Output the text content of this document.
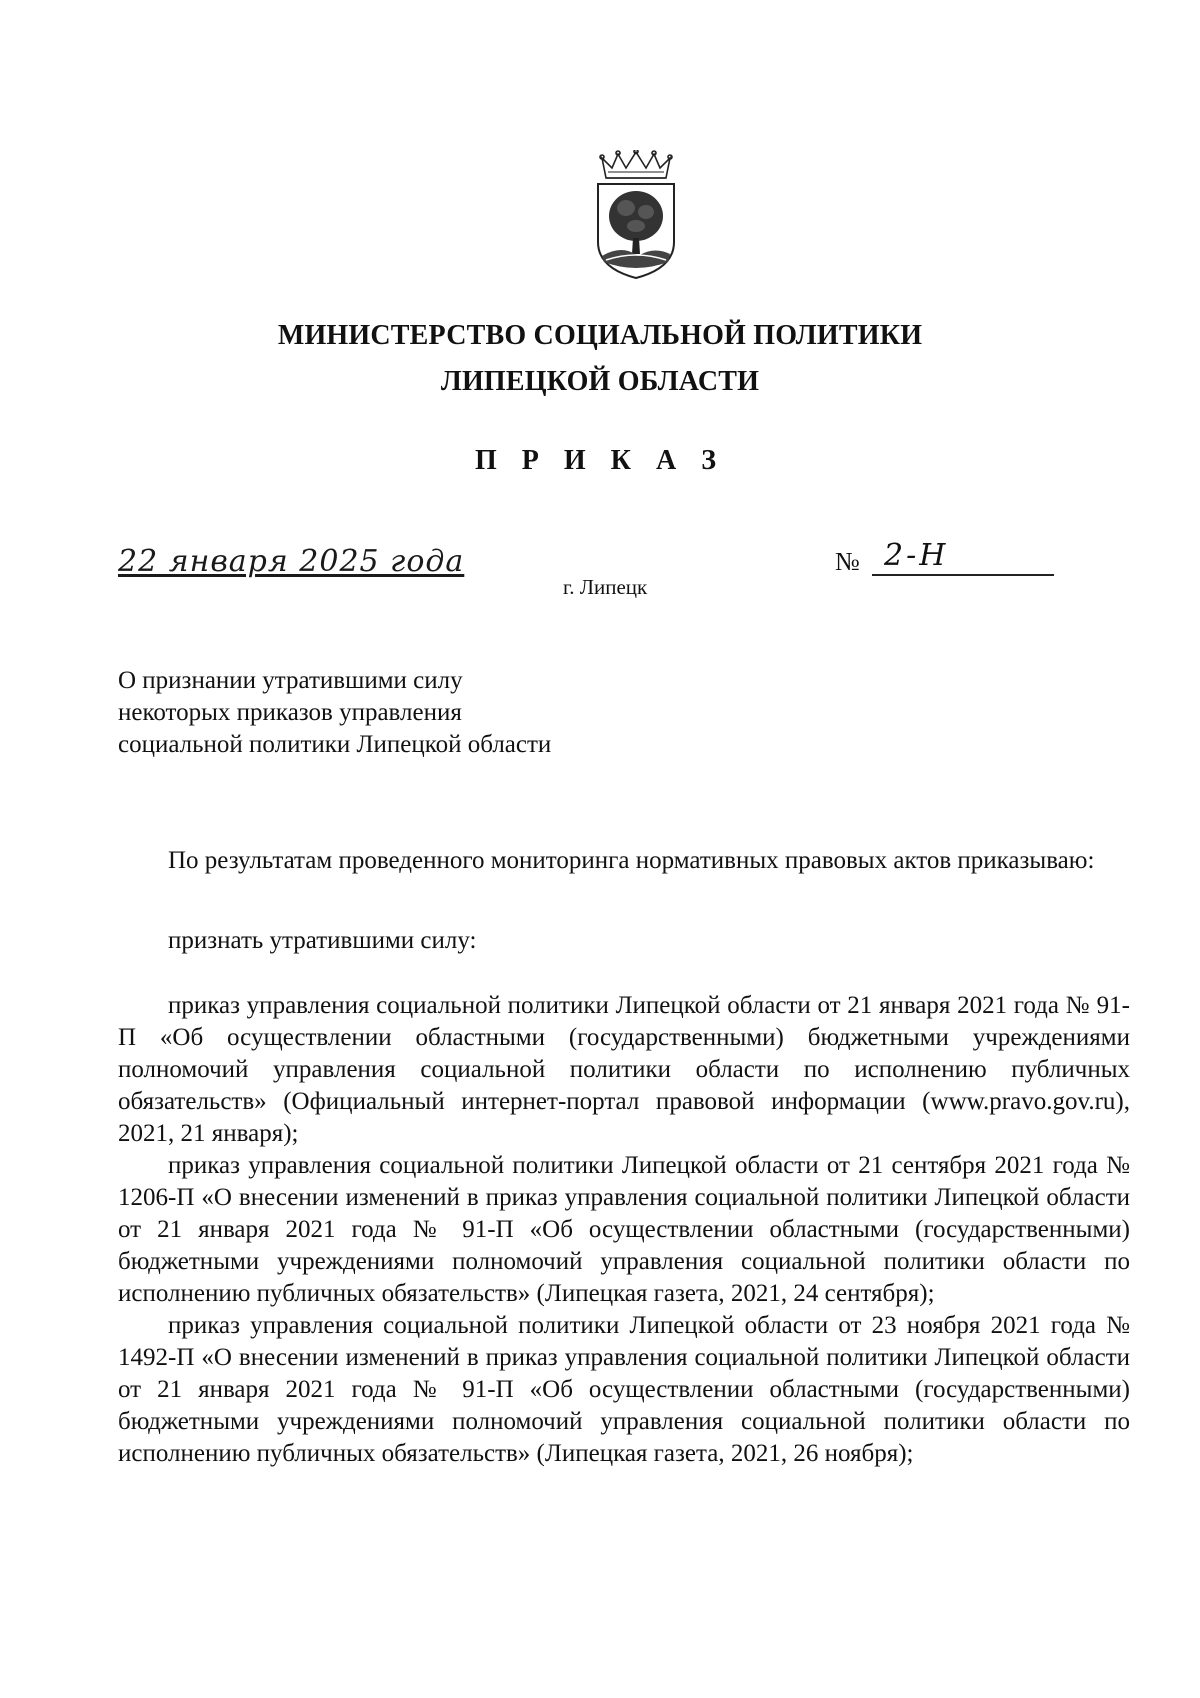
МИНИСТЕРСТВО СОЦИАЛЬНОЙ ПОЛИТИКИ
ЛИПЕЦКОЙ ОБЛАСТИ
П Р И К А З
22 января 2025 года
г. Липецк
№ 2-Н
О признании утратившими силу
некоторых приказов управления
социальной политики Липецкой области
По результатам проведенного мониторинга нормативных правовых актов приказываю:
признать утратившими силу:
приказ управления социальной политики Липецкой области от 21 января 2021 года № 91-П «Об осуществлении областными (государственными) бюджетными учреждениями полномочий управления социальной политики области по исполнению публичных обязательств» (Официальный интернет-портал правовой информации (www.pravo.gov.ru), 2021, 21 января);
приказ управления социальной политики Липецкой области от 21 сентября 2021 года № 1206-П «О внесении изменений в приказ управления социальной политики Липецкой области от 21 января 2021 года № 91-П «Об осуществлении областными (государственными) бюджетными учреждениями полномочий управления социальной политики области по исполнению публичных обязательств» (Липецкая газета, 2021, 24 сентября);
приказ управления социальной политики Липецкой области от 23 ноября 2021 года № 1492-П «О внесении изменений в приказ управления социальной политики Липецкой области от 21 января 2021 года № 91-П «Об осуществлении областными (государственными) бюджетными учреждениями полномочий управления социальной политики области по исполнению публичных обязательств» (Липецкая газета, 2021, 26 ноября);
